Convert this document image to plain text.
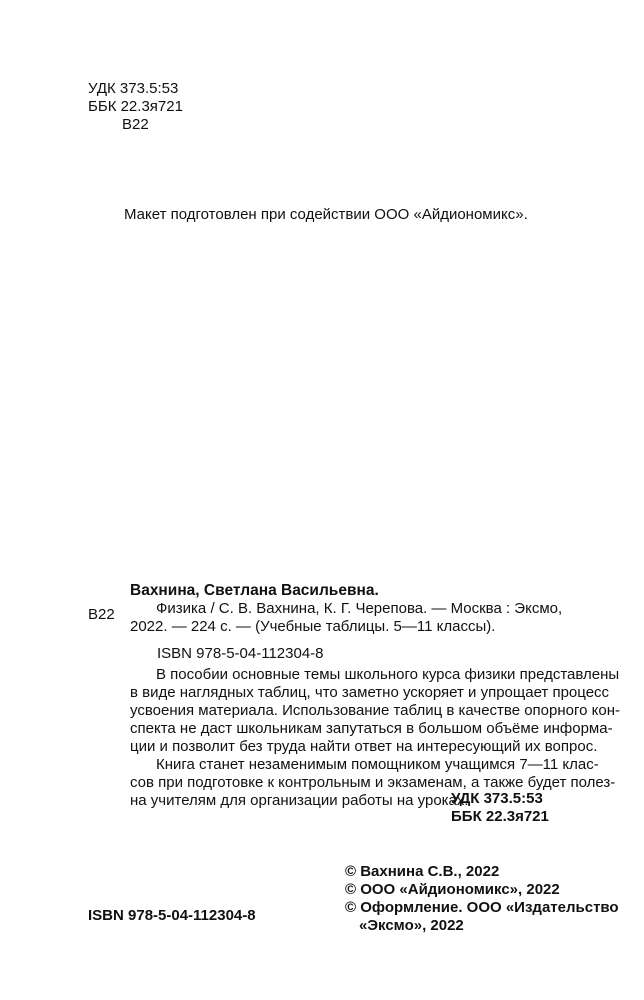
УДК 373.5:53
ББК 22.3я721
В22
Макет подготовлен при содействии ООО «Айдиономикс».
Вахнина, Светлана Васильевна.
В22	Физика / С. В. Вахнина, К. Г. Черепова. — Москва : Эксмо,
2022. — 224 с. — (Учебные таблицы. 5—11 классы).
ISBN 978-5-04-112304-8
В пособии основные темы школьного курса физики представлены
в виде наглядных таблиц, что заметно ускоряет и упрощает процесс
усвоения материала. Использование таблиц в качестве опорного кон-
спекта не даст школьникам запутаться в большом объёме информа-
ции и позволит без труда найти ответ на интересующий их вопрос.
Книга станет незаменимым помощником учащимся 7—11 клас-
сов при подготовке к контрольным и экзаменам, а также будет полез-
на учителям для организации работы на уроках.
УДК 373.5:53
ББК 22.3я721
© Вахнина С.В., 2022
© ООО «Айдиономикс», 2022
© Оформление. ООО «Издательство
«Эксмо», 2022
ISBN 978-5-04-112304-8
